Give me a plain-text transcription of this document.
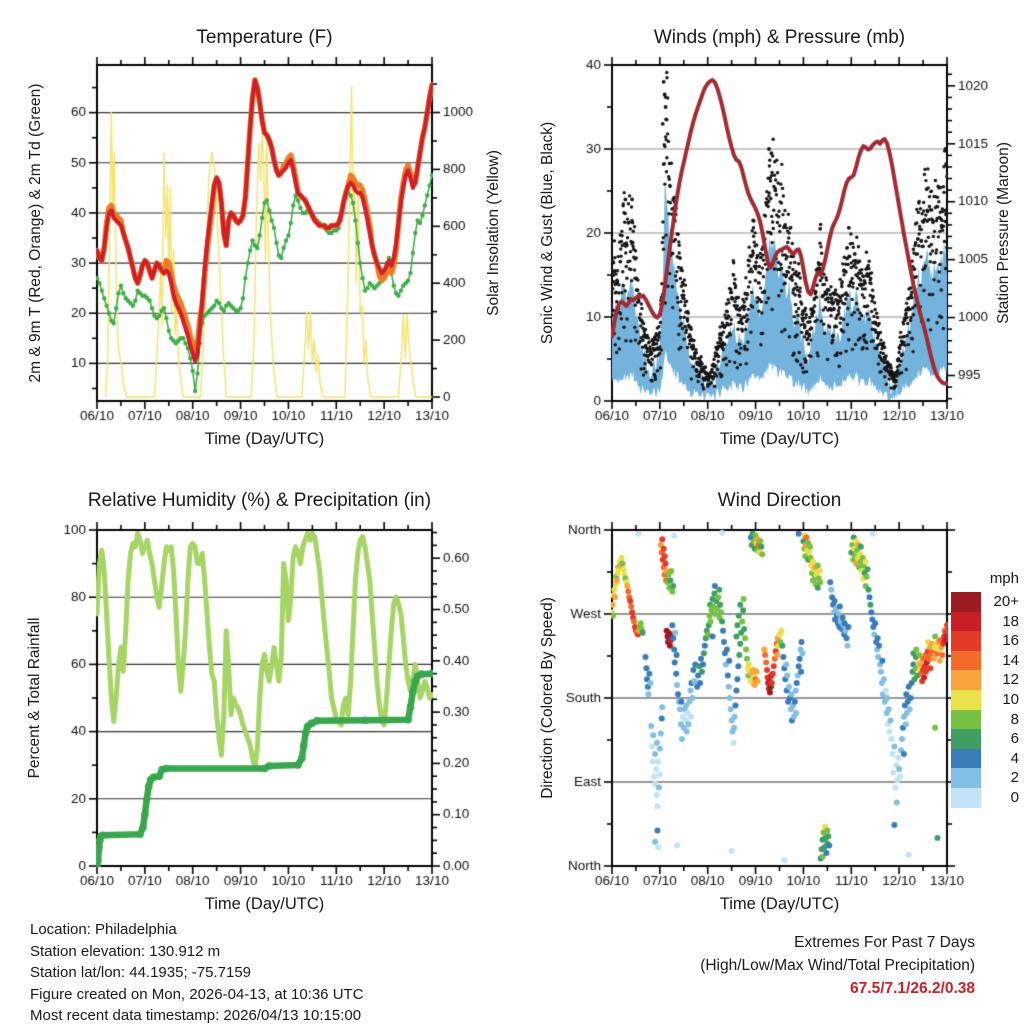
Temperature (F)	Winds (mph) & Pressure (mb)
Relative Humidity (%) & Precipitation (in)	Wind Direction
Time (Day/UTC)	Time (Day/UTC)
Time (Day/UTC)	Time (Day/UTC)
2m & 9m T (Red, Orange) & 2m Td (Green)	Solar Insolation (Yellow)	Sonic Wind & Gust (Blue, Black)	Station Pressure (Maroon)
Percent & Total Rainfall	Direction (Colored By Speed)
mph
20+
18
16
14
12
10
8
6
4
2
0
Location: Philadelphia
Station elevation: 130.912 m
Station lat/lon: 44.1935; -75.7159
Figure created on Mon, 2026-04-13, at 10:36 UTC
Most recent data timestamp: 2026/04/13 10:15:00
Extremes For Past 7 Days
(High/Low/Max Wind/Total Precipitation)
67.5/7.1/26.2/0.38
